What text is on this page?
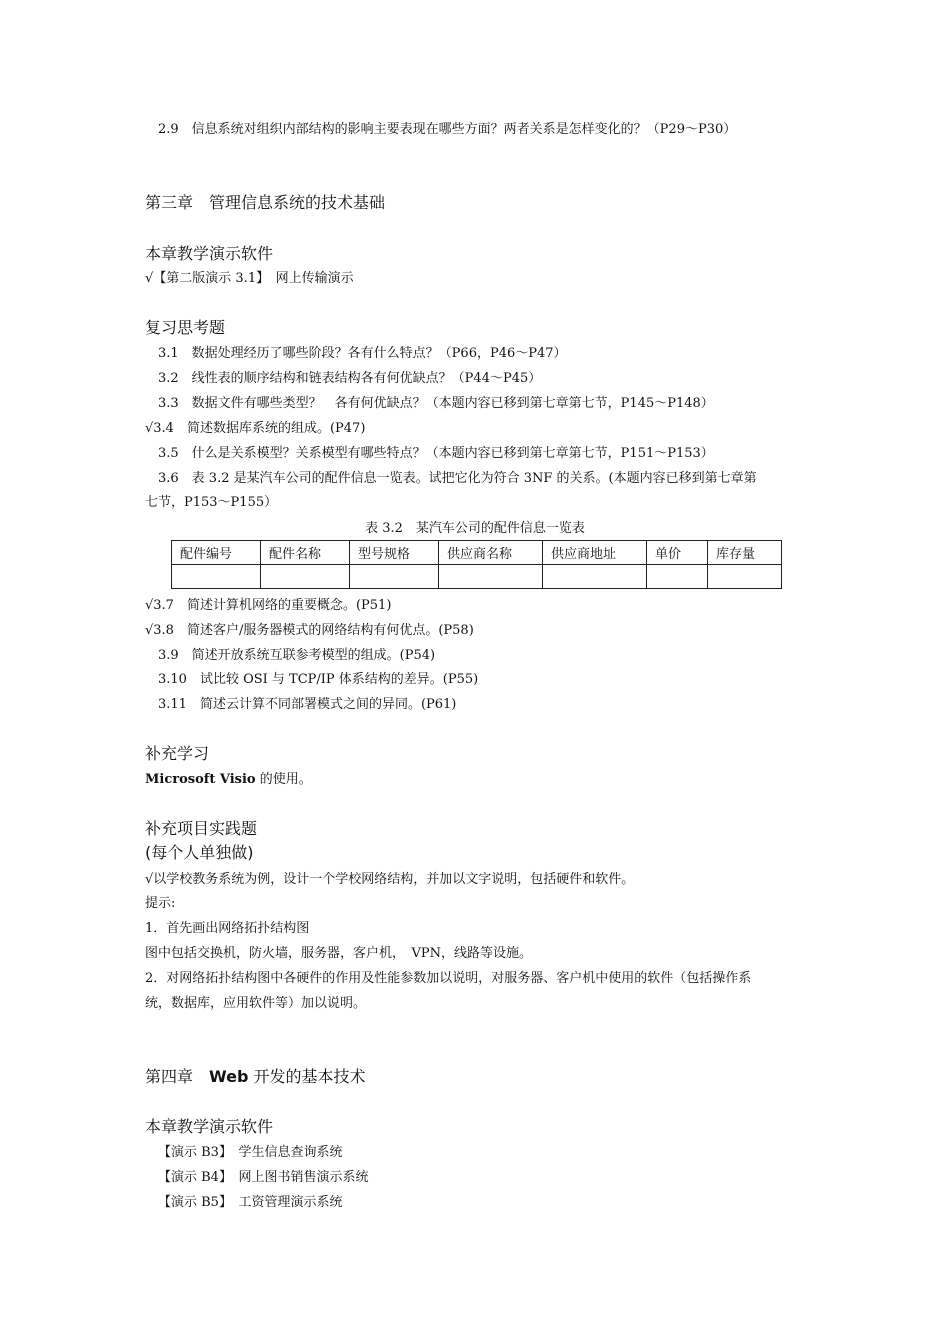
2.9　信息系统对组织内部结构的影响主要表现在哪些方面？两者关系是怎样变化的？（P29～P30）
第三章　管理信息系统的技术基础
本章教学演示软件
√【第二版演示 3.1】　网上传输演示
复习思考题
3.1　数据处理经历了哪些阶段？各有什么特点？（P66，P46～P47）
3.2　线性表的顺序结构和链表结构各有何优缺点？（P44～P45）
3.3　数据文件有哪些类型？　各有何优缺点？（本题内容已移到第七章第七节，P145～P148）
√3.4　简述数据库系统的组成。(P47)
3.5　什么是关系模型？关系模型有哪些特点？（本题内容已移到第七章第七节，P151～P153）
3.6　表 3.2 是某汽车公司的配件信息一览表。试把它化为符合 3NF 的关系。(本题内容已移到第七章第
七节，P153～P155）
表 3.2　某汽车公司的配件信息一览表
配件编号	配件名称	型号规格	供应商名称	供应商地址	单价	库存量

√3.7　简述计算机网络的重要概念。(P51)
√3.8　简述客户/服务器模式的网络结构有何优点。(P58)
3.9　简述开放系统互联参考模型的组成。(P54)
3.10　试比较 OSI 与 TCP/IP 体系结构的差异。(P55)
3.11　简述云计算不同部署模式之间的异同。(P61)
补充学习
Microsoft Visio 的使用。
补充项目实践题
(每个人单独做)
√以学校教务系统为例，设计一个学校网络结构，并加以文字说明，包括硬件和软件。
提示:
1．首先画出网络拓扑结构图
图中包括交换机，防火墙，服务器，客户机，　VPN，线路等设施。
2．对网络拓扑结构图中各硬件的作用及性能参数加以说明，对服务器、客户机中使用的软件（包括操作系
统，数据库，应用软件等）加以说明。
第四章　Web 开发的基本技术
本章教学演示软件
【演示 B3】　学生信息查询系统
【演示 B4】　网上图书销售演示系统
【演示 B5】　工资管理演示系统
